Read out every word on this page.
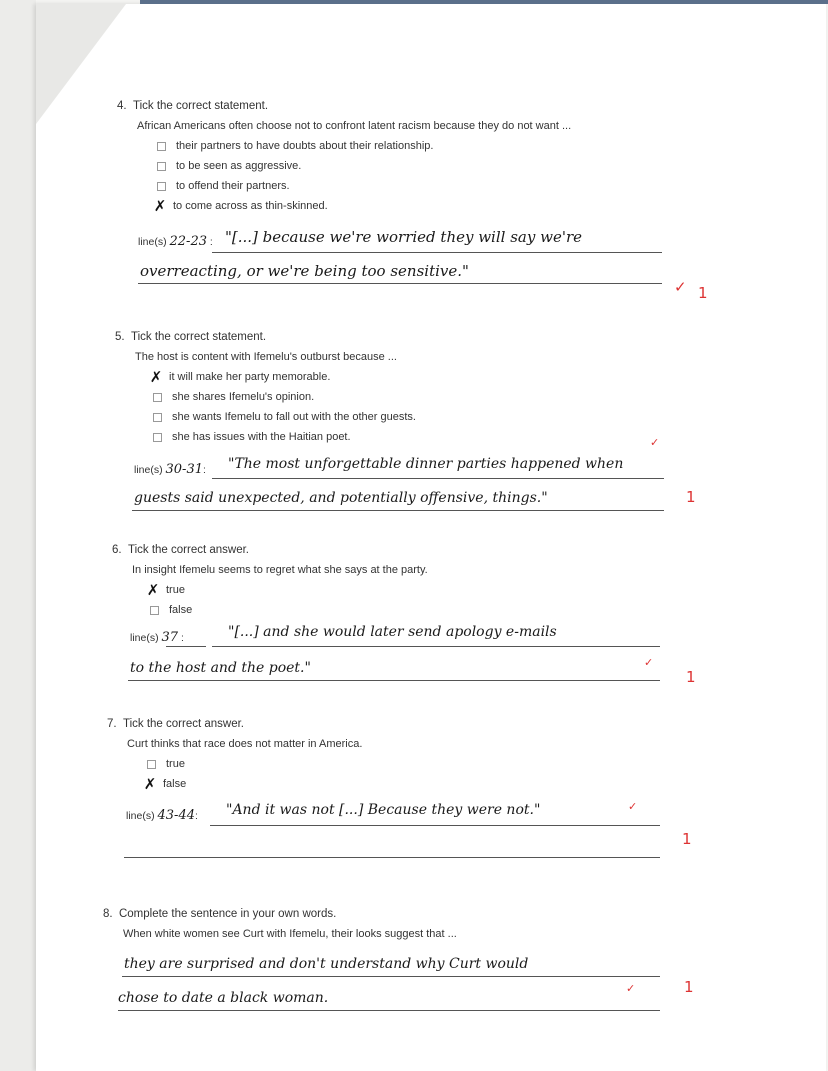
4. Tick the correct statement.
African Americans often choose not to confront latent racism because they do not want ...
their partners to have doubts about their relationship.
to be seen as aggressive.
to offend their partners.
✗ to come across as thin-skinned.
line(s) 22-23 : "[...] because we're worried they will say we're
overreacting, or we're being too sensitive."
✓ 1
5. Tick the correct statement.
The host is content with Ifemelu's outburst because ...
✗ it will make her party memorable.
she shares Ifemelu's opinion.
she wants Ifemelu to fall out with the other guests.
she has issues with the Haitian poet.	✓
line(s) 30-31: "The most unforgettable dinner parties happened when
guests said unexpected, and potentially offensive, things."	1
6. Tick the correct answer.
In insight Ifemelu seems to regret what she says at the party.
✗ true
false
line(s) 37 :	"[...] and she would later send apology e-mails
to the host and the poet."	✓
1
7. Tick the correct answer.
Curt thinks that race does not matter in America.
true
✗ false
line(s) 43-44: "And it was not [...] Because they were not."	✓
1
8. Complete the sentence in your own words.
When white women see Curt with Ifemelu, their looks suggest that ...
they are surprised and don't understand why Curt would
chose to date a black woman.
✓	1
